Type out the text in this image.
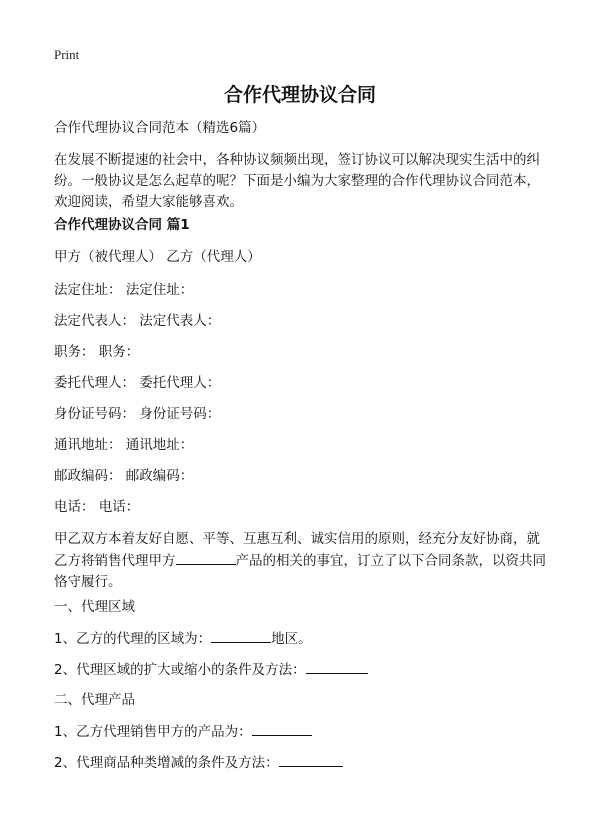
Print
合作代理协议合同
合作代理协议合同范本（精选6篇）
在发展不断提速的社会中，各种协议频频出现，签订协议可以解决现实生活中的纠纷。一般协议是怎么起草的呢？下面是小编为大家整理的合作代理协议合同范本，欢迎阅读，希望大家能够喜欢。
合作代理协议合同 篇1
甲方（被代理人） 乙方（代理人）
法定住址： 法定住址：
法定代表人： 法定代表人：
职务： 职务：
委托代理人： 委托代理人：
身份证号码： 身份证号码：
通讯地址： 通讯地址：
邮政编码： 邮政编码：
电话： 电话：
甲乙双方本着友好自愿、平等、互惠互利、诚实信用的原则，经充分友好协商，就乙方将销售代理甲方	产品的相关的事宜，订立了以下合同条款，以资共同恪守履行。
一、代理区域
1、乙方的代理的区域为：	地区。
2、代理区域的扩大或缩小的条件及方法：
二、代理产品
1、乙方代理销售甲方的产品为：
2、代理商品种类增减的条件及方法：
